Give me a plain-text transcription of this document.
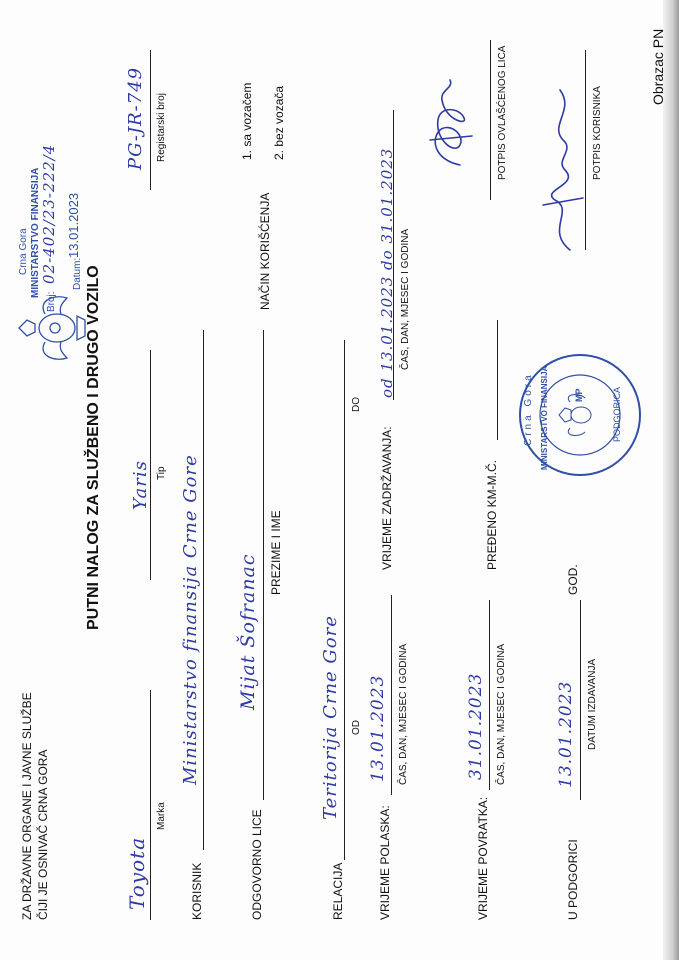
ZA DRŽAVNE ORGANE I JAVNE SLUŽBE ČIJI JE OSNIVAČ CRNA GORA
Obrazac PN
Crna Gora MINISTARSTVO FINANSIJA
Broj:
02-402/23-222/4 Datum:
13.01.2023
PUTNI NALOG ZA SLUŽBENO I DRUGO VOZILO
Toyota
Marka
Yaris Tip
PG-JR-749 Registarski broj
KORISNIK
Ministarstvo finansija Crne Gore
NAČIN KORIŠĆENJA
1. sa vozačem 2. bez vozača
ODGOVORNO LICE
Mijat Šofranac
PREZIME I IME
RELACIJA
Teritorija Crne Gore OD
DO
VRIJEME POLASKA:
13.01.2023 ČAS, DAN, MJESEC I GODINA
VRIJEME ZADRŽAVANJA:
od 13.01.2023 do 31.01.2023 ČAS, DAN, MJESEC I GODINA
VRIJEME POVRATKA:
31.01.2023 ČAS, DAN, MJESEC I GODINA
PREĐENO KM-M.Č.
Crna Gora MINISTARSTVO FINANSIJA	MP	PODGORICA
POTPIS OVLAŠĆENOG LICA	POTPIS KORISNIKA
U PODGORICI
13.01.2023
GOD.
DATUM IZDAVANJA
